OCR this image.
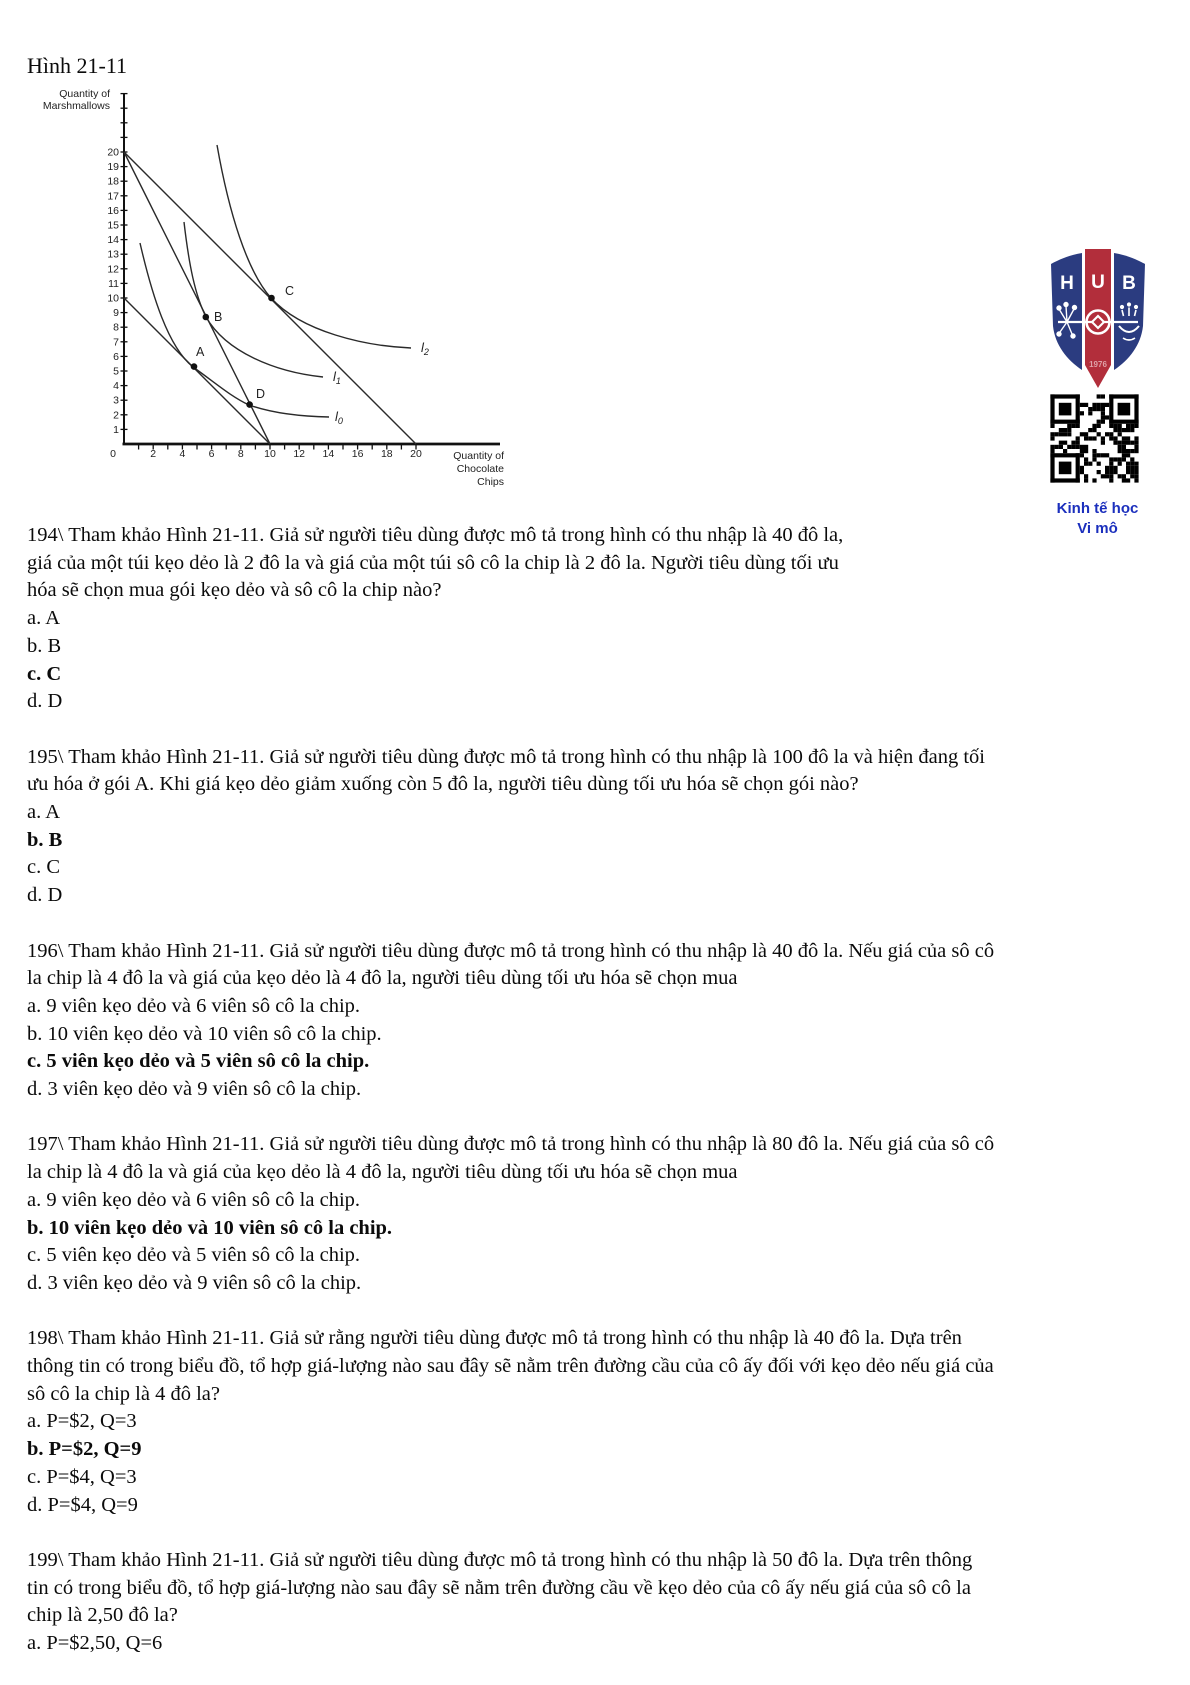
Hình 21-11
20
19
18
17
16
15
14
13
12
11
10
9
8
7
6
5
4
3
2
1
0	2 4 6 8 10 12 14 16 18 20
Quantity of
Marshmallows
Quantity of
Chocolate
Chips
$l_0$
$l_1$
$l_2$
A
B
C
D
H U B
1976
Kinh tế học
Vi mô
194\ Tham khảo Hình 21-11. Giả sử người tiêu dùng được mô tả trong hình có thu nhập là 40 đô la,
giá của một túi kẹo dẻo là 2 đô la và giá của một túi sô cô la chip là 2 đô la. Người tiêu dùng tối ưu
hóa sẽ chọn mua gói kẹo dẻo và sô cô la chip nào?
a. A
b. B
c. C
d. D
195\ Tham khảo Hình 21-11. Giả sử người tiêu dùng được mô tả trong hình có thu nhập là 100 đô la và hiện đang tối
ưu hóa ở gói A. Khi giá kẹo dẻo giảm xuống còn 5 đô la, người tiêu dùng tối ưu hóa sẽ chọn gói nào?
a. A
b. B
c. C
d. D
196\ Tham khảo Hình 21-11. Giả sử người tiêu dùng được mô tả trong hình có thu nhập là 40 đô la. Nếu giá của sô cô
la chip là 4 đô la và giá của kẹo dẻo là 4 đô la, người tiêu dùng tối ưu hóa sẽ chọn mua
a. 9 viên kẹo dẻo và 6 viên sô cô la chip.
b. 10 viên kẹo dẻo và 10 viên sô cô la chip.
c. 5 viên kẹo dẻo và 5 viên sô cô la chip.
d. 3 viên kẹo dẻo và 9 viên sô cô la chip.
197\ Tham khảo Hình 21-11. Giả sử người tiêu dùng được mô tả trong hình có thu nhập là 80 đô la. Nếu giá của sô cô
la chip là 4 đô la và giá của kẹo dẻo là 4 đô la, người tiêu dùng tối ưu hóa sẽ chọn mua
a. 9 viên kẹo dẻo và 6 viên sô cô la chip.
b. 10 viên kẹo dẻo và 10 viên sô cô la chip.
c. 5 viên kẹo dẻo và 5 viên sô cô la chip.
d. 3 viên kẹo dẻo và 9 viên sô cô la chip.
198\ Tham khảo Hình 21-11. Giả sử rằng người tiêu dùng được mô tả trong hình có thu nhập là 40 đô la. Dựa trên
thông tin có trong biểu đồ, tổ hợp giá-lượng nào sau đây sẽ nằm trên đường cầu của cô ấy đối với kẹo dẻo nếu giá của
sô cô la chip là 4 đô la?
a. P=$2, Q=3
b. P=$2, Q=9
c. P=$4, Q=3
d. P=$4, Q=9
199\ Tham khảo Hình 21-11. Giả sử người tiêu dùng được mô tả trong hình có thu nhập là 50 đô la. Dựa trên thông
tin có trong biểu đồ, tổ hợp giá-lượng nào sau đây sẽ nằm trên đường cầu về kẹo dẻo của cô ấy nếu giá của sô cô la
chip là 2,50 đô la?
a. P=$2,50, Q=6
